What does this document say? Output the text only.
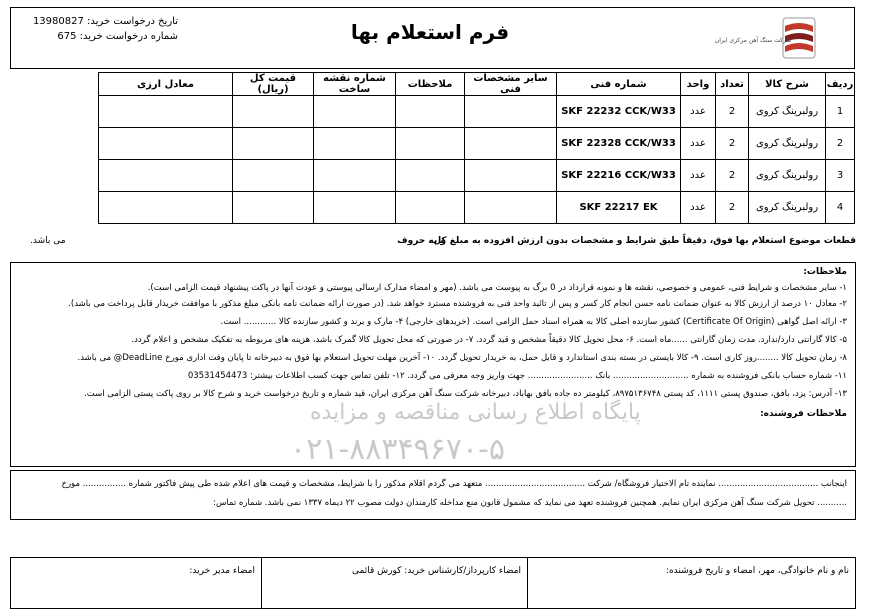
فرم استعلام بها
تاریخ درخواست خرید: 13980827
شماره درخواست خرید: 675	شرکت سنگ آهن مرکزی ایران
ردیف	شرح کالا	تعداد	واحد	شماره فنی	سایر مشخصات فنی	ملاحظات	شماره نقشه ساخت	قیمت کل (ریال)	معادل ارزی
1	رولبرینگ کروی	2	عدد	SKF 22232 CCK/W33					
2	رولبرینگ کروی	2	عدد	SKF 22328 CCK/W33					
3	رولبرینگ کروی	2	عدد	SKF 22216 CCK/W33					
4	رولبرینگ کروی	2	عدد	SKF 22217 EK					
قطعات موضوع استعلام بها فوق، دقیقاً طبق شرایط و مشخصات بدون ارزش افزوده به مبلغ کل
و به حروف
می باشد.
پایگاه اطلاع رسانی مناقصه و مزایده
۰۲۱-۸۸۳۴۹۶۷۰-۵
ملاحظات:
۱- سایر مشخصات و شرایط فنی، عمومی و خصوصی، نقشه ها و نمونه قرارداد در 0 برگ به پیوست می باشد. (مهر و امضاء مدارک ارسالی پیوستی و عودت آنها در پاکت پیشنهاد قیمت الزامی است).
۲- معادل ۱۰ درصد از ارزش کالا به عنوان ضمانت نامه حسن انجام کار کسر و پس از تائید واحد فنی به فروشنده مسترد خواهد شد. (در صورت ارائه ضمانت نامه بانکی مبلغ مذکور با موافقت خریدار قابل پرداخت می باشد).
۳- ارائه اصل گواهی (Certificate Of Origin) کشور سازنده اصلی کالا به همراه اسناد حمل الزامی است. (خریدهای خارجی) ۴- مارک و برند و کشور سازنده کالا ............ است.
۵- کالا گارانتی دارد/ندارد. مدت زمان گارانتی ......ماه است. ۶- محل تحویل کالا دقیقاً مشخص و قید گردد. ۷- در صورتی که محل تحویل کالا گمرک باشد، هزینه های مربوطه به تفکیک مشخص و اعلام گردد.
۸- زمان تحویل کالا ........روز کاری است. ۹- کالا بایستی در بسته بندی استاندارد و قابل حمل، به خریدار تحویل گردد. ۱۰- آخرین مهلت تحویل استعلام بها فوق به دبیرخانه تا پایان وقت اداری مورخ DeadLine@ می باشد.
۱۱- شماره حساب بانکی فروشنده به شماره ............................ بانک ........................ جهت واریز وجه معرفی می گردد. ۱۲- تلفن تماس جهت کسب اطلاعات بیشتر: 03531454473
۱۳- آدرس: یزد، بافق، صندوق پستی ۱۱۱۱، کد پستی ۸۹۷۵۱۳۶۷۴۸، کیلومتر ده جاده بافق بهاباد، دبیرخانه شرکت سنگ آهن مرکزی ایران، قید شماره و تاریخ درخواست خرید و شرح کالا بر روی پاکت پستی الزامی است.
ملاحظات فروشنده:
اینجانب ..................................... نماینده تام الاختیار فروشگاه/ شرکت ..................................... متعهد می گردم اقلام مذکور را با شرایط، مشخصات و قیمت های اعلام شده طی پیش فاکتور شماره ................ مورخ
........... تحویل شرکت سنگ آهن مرکزی ایران نمایم. همچنین فروشنده تعهد می نماید که مشمول قانون منع مداخله کارمندان دولت مصوب ۲۲ دیماه ۱۳۳۷ نمی باشد. شماره تماس:
نام و نام خانوادگی، مهر، امضاء و تاریخ فروشنده:
امضاء کارپرداز/کارشناس خرید: کورش قائمی
امضاء مدیر خرید:
